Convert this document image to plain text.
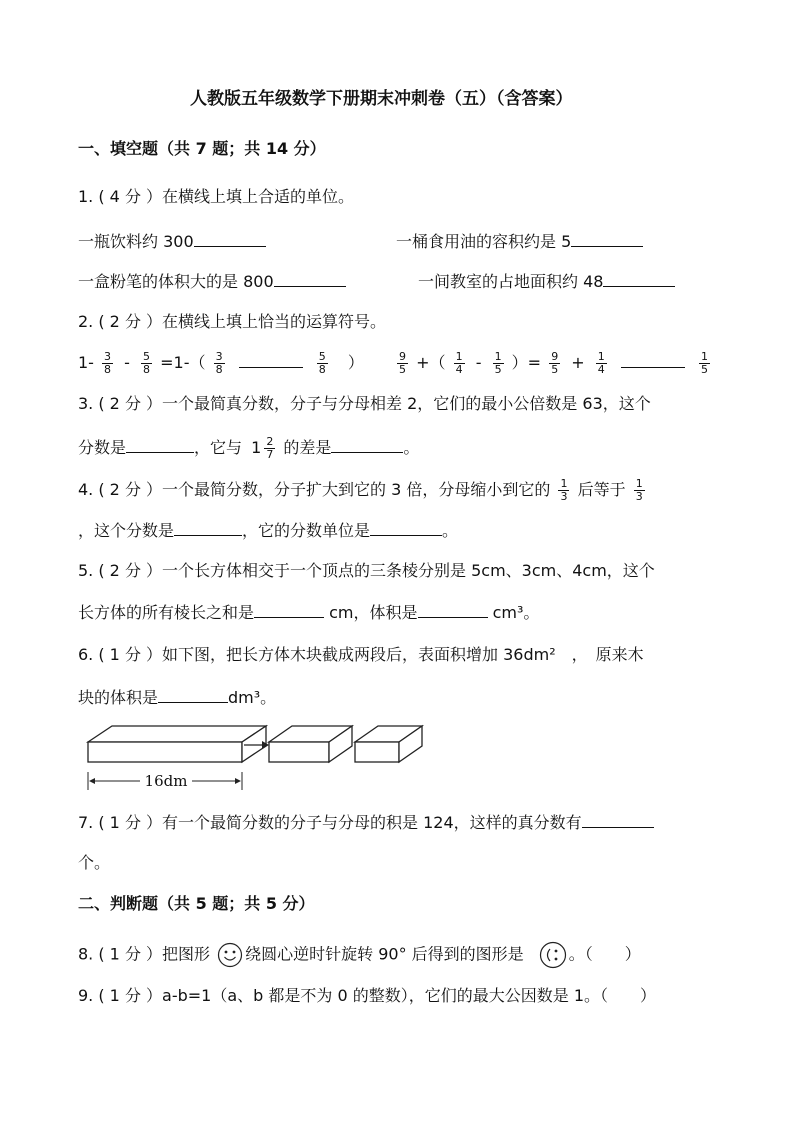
人教版五年级数学下册期末冲刺卷（五）（含答案）
一、填空题（共 7 题；共 14 分）
1. ( 4 分 ）在横线上填上合适的单位。
一瓶饮料约 300	一桶食用油的容积约是 5
一盒粉笔的体积大的是 800	一间教室的占地面积约 48
2. ( 2 分 ）在横线上填上恰当的运算符号。
$1- \frac{3}{8} - \frac{5}{8} =1-( \frac{3}{8}$
	$\frac{5}{8}$ ）	$\frac{9}{5}$ +（ $\frac{1}{4} - \frac{1}{5}$ ）= $\frac{9}{5} + \frac{1}{4}$
	$\frac{1}{5}$
3. ( 2 分 ）一个最简真分数，分子与分母相差 2，它们的最小公倍数是 63，这个
分数是	，它与 $1 \frac{2}{7}$ 的差是	。
4. ( 2 分 ）一个最简分数，分子扩大到它的 3 倍，分母缩小到它的 $\frac{1}{3}$ 后等于 $\frac{1}{3}$
，这个分数是	，它的分数单位是	。
5. ( 2 分 ）一个长方体相交于一个顶点的三条棱分别是 5cm、3cm、4cm，这个
长方体的所有棱长之和是	cm，体积是	cm³。
6. ( 1 分 ）如下图，把长方体木块截成两段后，表面积增加 36dm²　，　原来木
块的体积是	dm³。
16dm
7. ( 1 分 ）有一个最简分数的分子与分母的积是 124，这样的真分数有
个。
二、判断题（共 5 题；共 5 分）
8. ( 1 分 ）把图形 绕圆心逆时针旋转 90° 后得到的图形是	。（　　）
9. ( 1 分 ）a-b=1（a、b 都是不为 0 的整数），它们的最大公因数是 1。（　　）
